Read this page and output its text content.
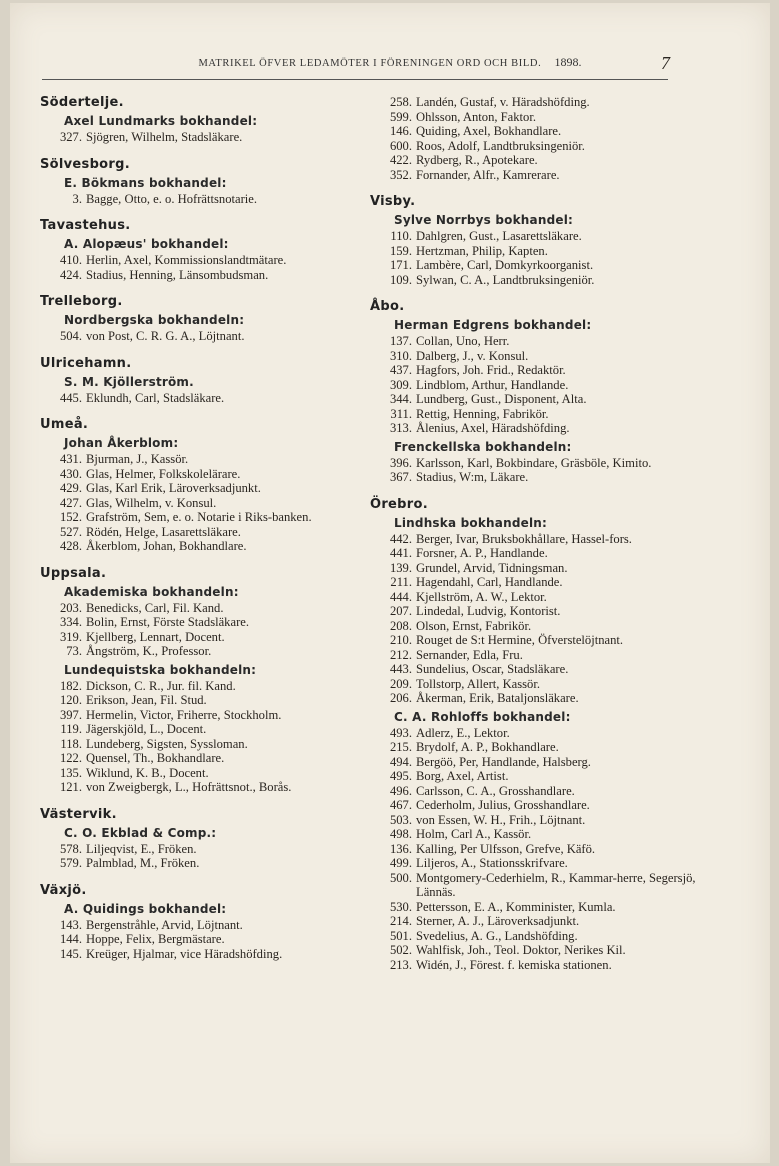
MATRIKEL ÖFVER LEDAMÖTER I FÖRENINGEN ORD OCH BILD. 1898.	7
Södertelje.
Axel Lundmarks bokhandel:
327. Sjögren, Wilhelm, Stadsläkare.
Sölvesborg.
E. Bökmans bokhandel:
3. Bagge, Otto, e. o. Hofrättsnotarie.
Tavastehus.
A. Alopæus' bokhandel:
410. Herlin, Axel, Kommissionslandtmätare.
424. Stadius, Henning, Länsombudsman.
Trelleborg.
Nordbergska bokhandeln:
504. von Post, C. R. G. A., Löjtnant.
Ulricehamn.
S. M. Kjöllerström.
445. Eklundh, Carl, Stadsläkare.
Umeå.
Johan Åkerblom:
431. Bjurman, J., Kassör.
430. Glas, Helmer, Folkskolelärare.
429. Glas, Karl Erik, Läroverksadjunkt.
427. Glas, Wilhelm, v. Konsul.
152. Grafström, Sem, e. o. Notarie i Riks-banken.
527. Rödén, Helge, Lasarettsläkare.
428. Åkerblom, Johan, Bokhandlare.
Uppsala.
Akademiska bokhandeln:
203. Benedicks, Carl, Fil. Kand.
334. Bolin, Ernst, Förste Stadsläkare.
319. Kjellberg, Lennart, Docent.
73. Ångström, K., Professor.
Lundequistska bokhandeln:
182. Dickson, C. R., Jur. fil. Kand.
120. Erikson, Jean, Fil. Stud.
397. Hermelin, Victor, Friherre, Stockholm.
119. Jägerskjöld, L., Docent.
118. Lundeberg, Sigsten, Syssloman.
122. Quensel, Th., Bokhandlare.
135. Wiklund, K. B., Docent.
121. von Zweigbergk, L., Hofrättsnot., Borås.
Västervik.
C. O. Ekblad & Comp.:
578. Liljeqvist, E., Fröken.
579. Palmblad, M., Fröken.
Växjö.
A. Quidings bokhandel:
143. Bergenstråhle, Arvid, Löjtnant.
144. Hoppe, Felix, Bergmästare.
145. Kreüger, Hjalmar, vice Häradshöfding.
258. Landén, Gustaf, v. Häradshöfding.
599. Ohlsson, Anton, Faktor.
146. Quiding, Axel, Bokhandlare.
600. Roos, Adolf, Landtbruksingeniör.
422. Rydberg, R., Apotekare.
352. Fornander, Alfr., Kamrerare.
Visby.
Sylve Norrbys bokhandel:
110. Dahlgren, Gust., Lasarettsläkare.
159. Hertzman, Philip, Kapten.
171. Lambère, Carl, Domkyrkoorganist.
109. Sylwan, C. A., Landtbruksingeniör.
Åbo.
Herman Edgrens bokhandel:
137. Collan, Uno, Herr.
310. Dalberg, J., v. Konsul.
437. Hagfors, Joh. Frid., Redaktör.
309. Lindblom, Arthur, Handlande.
344. Lundberg, Gust., Disponent, Alta.
311. Rettig, Henning, Fabrikör.
313. Ålenius, Axel, Häradshöfding.
Frenckellska bokhandeln:
396. Karlsson, Karl, Bokbindare, Gräsböle, Kimito.
367. Stadius, W:m, Läkare.
Örebro.
Lindhska bokhandeln:
442. Berger, Ivar, Bruksbokhållare, Hassel-fors.
441. Forsner, A. P., Handlande.
139. Grundel, Arvid, Tidningsman.
211. Hagendahl, Carl, Handlande.
444. Kjellström, A. W., Lektor.
207. Lindedal, Ludvig, Kontorist.
208. Olson, Ernst, Fabrikör.
210. Rouget de S:t Hermine, Öfverstelöjtnant.
212. Sernander, Edla, Fru.
443. Sundelius, Oscar, Stadsläkare.
209. Tollstorp, Allert, Kassör.
206. Åkerman, Erik, Bataljonsläkare.
C. A. Rohloffs bokhandel:
493. Adlerz, E., Lektor.
215. Brydolf, A. P., Bokhandlare.
494. Bergöö, Per, Handlande, Halsberg.
495. Borg, Axel, Artist.
496. Carlsson, C. A., Grosshandlare.
467. Cederholm, Julius, Grosshandlare.
503. von Essen, W. H., Frih., Löjtnant.
498. Holm, Carl A., Kassör.
136. Kalling, Per Ulfsson, Grefve, Käfö.
499. Liljeros, A., Stationsskrifvare.
500. Montgomery-Cederhielm, R., Kammar-herre, Segersjö, Lännäs.
530. Pettersson, E. A., Komminister, Kumla.
214. Sterner, A. J., Läroverksadjunkt.
501. Svedelius, A. G., Landshöfding.
502. Wahlfisk, Joh., Teol. Doktor, Nerikes Kil.
213. Widén, J., Förest. f. kemiska stationen.
